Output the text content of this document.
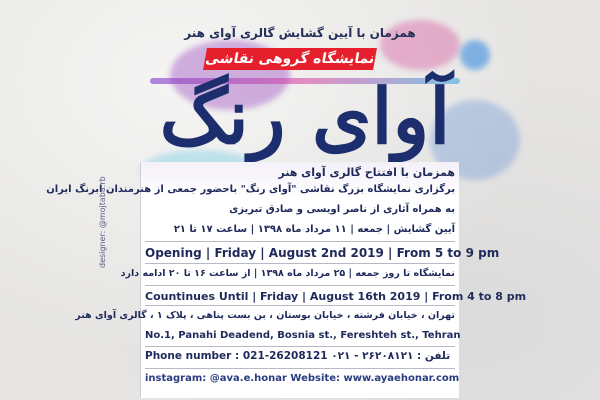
همزمان با آیین گشایش گالری آوای هنر
نمایشگاه گروهی نقاشی
آوای رنگ
همزمان با افتتاح گالری آوای هنر
برگزاری نمایشگاه بزرگ نقاشی "آوای رنگ" باحضور جمعی از هنرمندان ابرنگ ایران
به همراه آثاری از ناصر اویسی و صادق تبریزی
آیین گشایش | جمعه | ۱۱ مرداد ماه ۱۳۹۸ | ساعت ۱۷ تا ۲۱
Opening | Friday | August 2nd 2019 | From 5 to 9 pm
نمایشگاه تا روز جمعه | ۲۵ مرداد ماه ۱۳۹۸ | از ساعت ۱۶ تا ۲۰ ادامه دارد
Countinues Until | Friday | August 16th 2019 | From 4 to 8 pm
تهران ، خیابان فرشته ، خیابان بوستان ، بن بست پناهی ، پلاک ۱ ، گالری آوای هنر
No.1, Panahi Deadend, Bosnia st., Fereshteh st., Tehran
Phone number : 021-26208121 ۰۲۱ - ۲۶۲۰۸۱۲۱ : تلفن
instagram: @ava.e.honar Website: www.ayaehonar.com
designer: @mojtaba.rb
